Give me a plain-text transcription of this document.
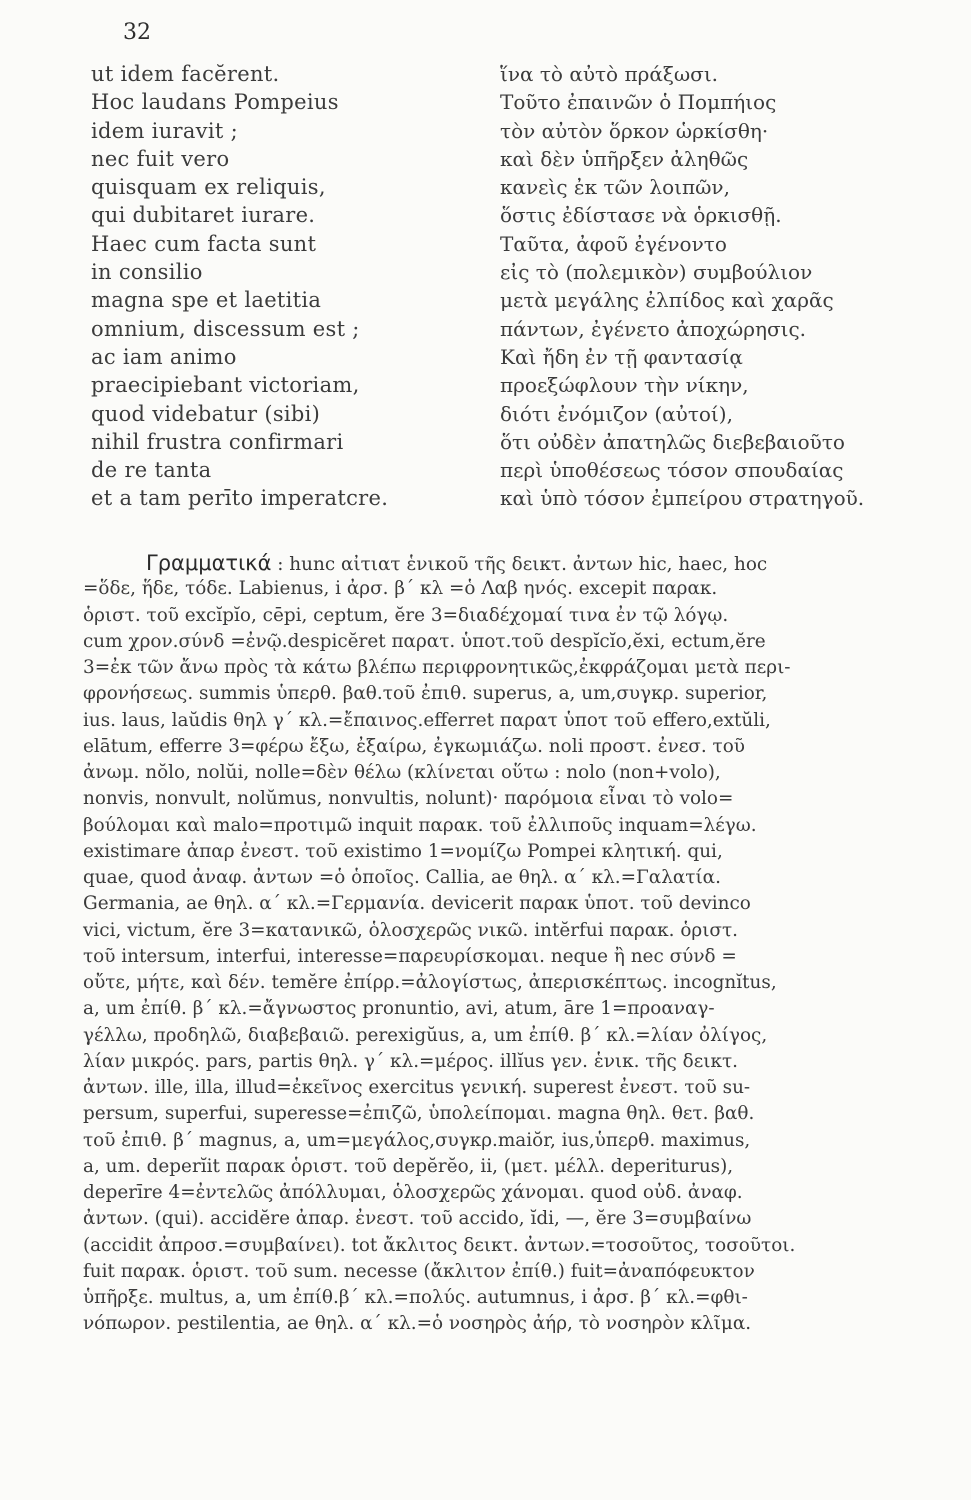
32
ut idem facĕrent.
Hoc laudans Pompeius
idem iuravit ;
nec fuit vero
quisquam ex reliquis,
qui dubitaret iurare.
Haec cum facta sunt
in consilio
magna spe et laetitia
omnium, discessum est ;
ac iam animo
praecipiebant victoriam,
quod videbatur (sibi)
nihil frustra confirmari
de re tanta
et a tam perīto imperatcre.
ἵνα τὸ αὐτὸ πράξωσι.
Τοῦτο ἐπαινῶν ὁ Πομπήιος
τὸν αὐτὸν ὅρκον ὡρκίσθη·
καὶ δὲν ὑπῆρξεν ἀληθῶς
κανεὶς ἐκ τῶν λοιπῶν,
ὅστις ἐδίστασε νὰ ὁρκισθῇ.
Ταῦτα, ἀφοῦ ἐγένοντο
εἰς τὸ (πολεμικὸν) συμβούλιον
μετὰ μεγάλης ἐλπίδος καὶ χαρᾶς
πάντων, ἐγένετο ἀποχώρησις.
Καὶ ἤδη ἐν τῇ φαντασίᾳ
προεξώφλουν τὴν νίκην,
διότι ἐνόμιζον (αὐτοί),
ὅτι οὐδὲν ἀπατηλῶς διεβεβαιοῦτο
περὶ ὑποθέσεως τόσον σπουδαίας
καὶ ὑπὸ τόσον ἐμπείρου στρατηγοῦ.
Γραμματικά : hunc αἰτιατ ἑνικοῦ τῆς δεικτ. ἀντων hic, haec, hoc
=ὅδε, ἥδε, τόδε. Labienus, i ἀρσ. β΄ κλ =ὁ Λαβ ηνός. excepit παρακ.
ὁριστ. τοῦ excĭpĭo, cēpi, ceptum, ĕre 3=διαδέχομαί τινα ἐν τῷ λόγῳ.
cum χρον.σύνδ =ἐνῷ.despicĕret παρατ. ὑποτ.τοῦ despĭcĭo,ĕxi, ectum,ĕre
3=ἐκ τῶν ἄνω πρὸς τὰ κάτω βλέπω περιφρονητικῶς,ἐκφράζομαι μετὰ περι-
φρονήσεως. summis ὑπερθ. βαθ.τοῦ ἐπιθ. superus, a, um,συγκρ. superior,
ius. laus, laŭdis θηλ γ΄ κλ.=ἔπαινος.efferret παρατ ὑποτ τοῦ effero,extŭli,
elātum, efferre 3=φέρω ἔξω, ἐξαίρω, ἐγκωμιάζω. noli προστ. ἐνεσ. τοῦ
ἀνωμ. nŏlo, nolŭi, nolle=δὲν θέλω (κλίνεται οὕτω : nolo (non+volo),
nonvis, nonvult, nolŭmus, nonvultis, nolunt)· παρόμοια εἶναι τὸ volo=
βούλομαι καὶ malo=προτιμῶ inquit παρακ. τοῦ ἐλλιποῦς inquam=λέγω.
existimare ἀπαρ ἐνεστ. τοῦ existimo 1=νομίζω Pompei κλητική. qui,
quae, quod ἀναφ. ἀντων =ὁ ὁποῖος. Callia, ae θηλ. α΄ κλ.=Γαλατία.
Germania, ae θηλ. α΄ κλ.=Γερμανία. devicerit παρακ ὑποτ. τοῦ devinco
vici, victum, ĕre 3=κατανικῶ, ὁλοσχερῶς νικῶ. intĕrfui παρακ. ὁριστ.
τοῦ intersum, interfui, interesse=παρευρίσκομαι. neque ἢ nec σύνδ =
οὔτε, μήτε, καὶ δέν. temĕre ἐπίρρ.=ἀλογίστως, ἀπερισκέπτως. incognĭtus,
a, um ἐπίθ. β΄ κλ.=ἄγνωστος pronuntio, avi, atum, āre 1=προαναγ-
γέλλω, προδηλῶ, διαβεβαιῶ. perexigŭus, a, um ἐπίθ. β΄ κλ.=λίαν ὀλίγος,
λίαν μικρός. pars, partis θηλ. γ΄ κλ.=μέρος. illĭus γεν. ἑνικ. τῆς δεικτ.
ἀντων. ille, illa, illud=ἐκεῖνος exercitus γενική. superest ἐνεστ. τοῦ su-
persum, superfui, superesse=ἐπιζῶ, ὑπολείπομαι. magna θηλ. θετ. βαθ.
τοῦ ἐπιθ. β΄ magnus, a, um=μεγάλος,συγκρ.maiŏr, ius,ὑπερθ. maximus,
a, um. deperĭit παρακ ὁριστ. τοῦ depĕrĕo, ii, (μετ. μέλλ. deperiturus),
deperīre 4=ἐντελῶς ἀπόλλυμαι, ὁλοσχερῶς χάνομαι. quod οὐδ. ἀναφ.
ἀντων. (qui). accidĕre ἀπαρ. ἐνεστ. τοῦ accido, ĭdi, —, ĕre 3=συμβαίνω
(accidit ἀπροσ.=συμβαίνει). tot ἄκλιτος δεικτ. ἀντων.=τοσοῦτος, τοσοῦτοι.
fuit παρακ. ὁριστ. τοῦ sum. necesse (ἄκλιτον ἐπίθ.) fuit=ἀναπόφευκτον
ὑπῆρξε. multus, a, um ἐπίθ.β΄ κλ.=πολύς. autumnus, i ἀρσ. β΄ κλ.=φθι-
νόπωρον. pestilentia, ae θηλ. α΄ κλ.=ὁ νοσηρὸς ἀήρ, τὸ νοσηρὸν κλῖμα.
